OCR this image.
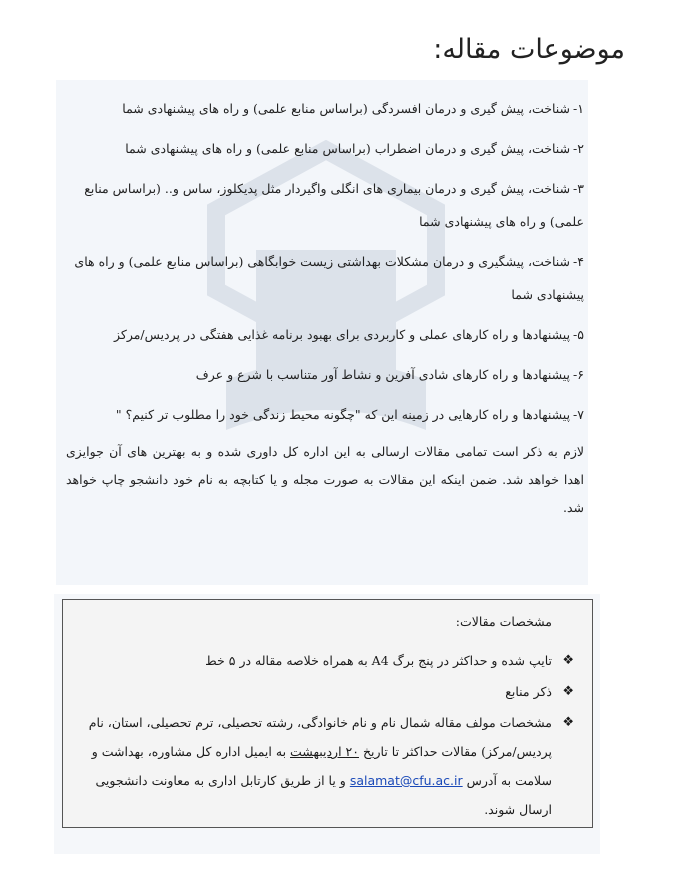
موضوعات مقاله:

۱-شناخت، پیش گیری و درمان افسردگی (براساس منابع علمی) و راه های پیشنهادی شما

۲-شناخت، پیش گیری و درمان اضطراب (براساس منابع علمی) و راه های پیشنهادی شما

۳-شناخت، پیش گیری و درمان بیماری های انگلی واگیردار مثل پدیکلوز، ساس و.. (براساس منابع علمی) و راه های پیشنهادی شما

۴-شناخت، پیشگیری و درمان مشکلات بهداشتی زیست خوابگاهی (براساس منابع علمی) و راه های پیشنهادی شما

۵-پیشنهادها و راه کارهای عملی و کاربردی برای بهبود برنامه غذایی هفتگی در پردیس/مرکز

۶-پیشنهادها و راه کارهای شادی آفرین و نشاط آور متناسب با شرع و عرف

۷-پیشنهادها و راه کارهایی در زمینه این که "چگونه محیط زندگی خود را مطلوب تر کنیم؟ "

لازم به ذکر است تمامی مقالات ارسالی به این اداره کل داوری شده و به بهترین های آن جوایزی اهدا خواهد شد. ضمن اینکه این مقالات به صورت مجله و یا کتابچه به نام خود دانشجو چاپ خواهد شد.

مشخصات مقالات:
❖
تایپ شده و حداکثر در پنج برگ A4 به همراه خلاصه مقاله در ۵ خط
❖
ذکر منابع
❖
مشخصات مولف مقاله شمال نام و نام خانوادگی، رشته تحصیلی، ترم تحصیلی، استان، نام پردیس/مرکز) مقالات حداکثر تا تاریخ ۲۰ اردیبهشت به ایمیل اداره کل مشاوره، بهداشت و سلامت به آدرس salamat@cfu.ac.ir و یا از طریق کارتابل اداری به معاونت دانشجویی ارسال شوند.
